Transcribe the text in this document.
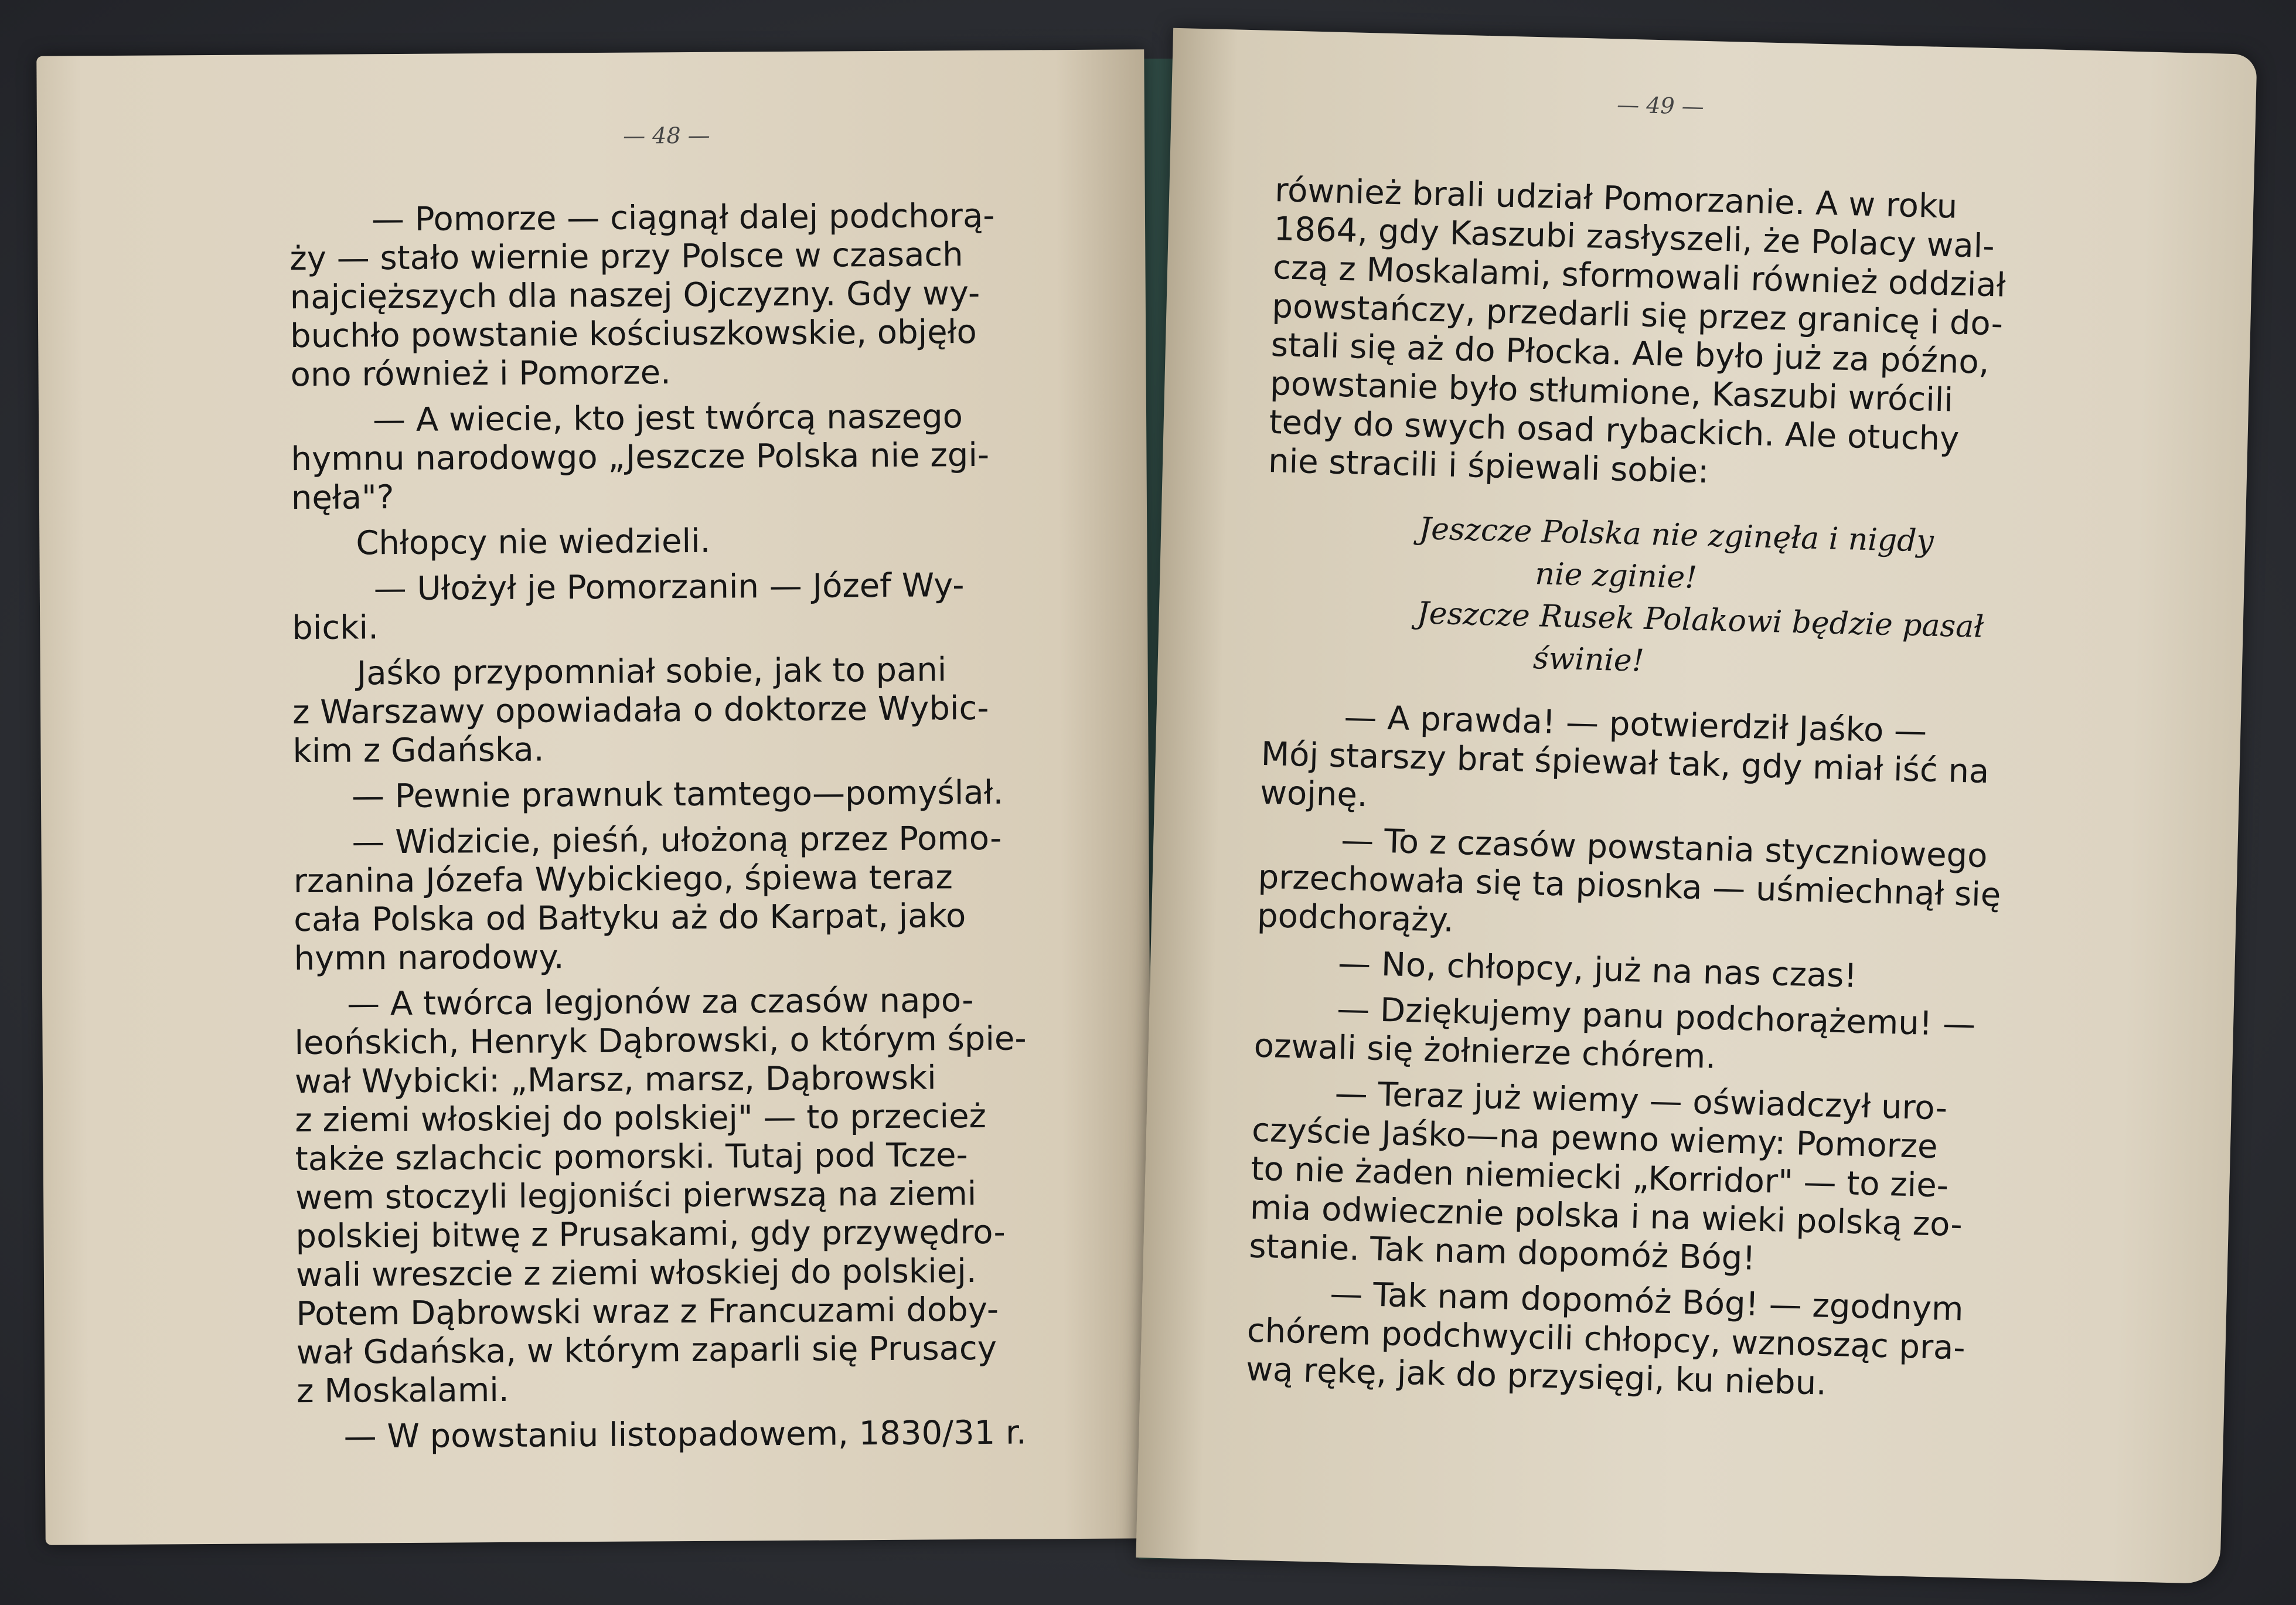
— 48 —

— Pomorze — ciągnął dalej podchorą-
ży — stało wiernie przy Polsce w czasach
najcięższych dla naszej Ojczyzny. Gdy wy-
buchło powstanie kościuszkowskie, objęło
ono również i Pomorze.

— A wiecie, kto jest twórcą naszego
hymnu narodowgo „Jeszcze Polska nie zgi-
nęła"?

Chłopcy nie wiedzieli.

— Ułożył je Pomorzanin — Józef Wy-
bicki.

Jaśko przypomniał sobie, jak to pani
z Warszawy opowiadała o doktorze Wybic-
kim z Gdańska.

— Pewnie prawnuk tamtego—pomyślał.

— Widzicie, pieśń, ułożoną przez Pomo-
rzanina Józefa Wybickiego, śpiewa teraz
cała Polska od Bałtyku aż do Karpat, jako
hymn narodowy.

— A twórca legjonów za czasów napo-
leońskich, Henryk Dąbrowski, o którym śpie-
wał Wybicki: „Marsz, marsz, Dąbrowski
z ziemi włoskiej do polskiej" — to przecież
także szlachcic pomorski. Tutaj pod Tcze-
wem stoczyli legjoniści pierwszą na ziemi
polskiej bitwę z Prusakami, gdy przywędro-
wali wreszcie z ziemi włoskiej do polskiej.
Potem Dąbrowski wraz z Francuzami doby-
wał Gdańska, w którym zaparli się Prusacy
z Moskalami.

— W powstaniu listopadowem, 1830/31 r.

— 49 —

również brali udział Pomorzanie. A w roku
1864, gdy Kaszubi zasłyszeli, że Polacy wal-
czą z Moskalami, sformowali również oddział
powstańczy, przedarli się przez granicę i do-
stali się aż do Płocka. Ale było już za późno,
powstanie było stłumione, Kaszubi wrócili
tedy do swych osad rybackich. Ale otuchy
nie stracili i śpiewali sobie:

Jeszcze Polska nie zginęła i nigdy
nie zginie!
Jeszcze Rusek Polakowi będzie pasał
świnie!

— A prawda! — potwierdził Jaśko —
Mój starszy brat śpiewał tak, gdy miał iść na
wojnę.

— To z czasów powstania styczniowego
przechowała się ta piosnka — uśmiechnął się
podchorąży.

— No, chłopcy, już na nas czas!

— Dziękujemy panu podchorążemu! —
ozwali się żołnierze chórem.

— Teraz już wiemy — oświadczył uro-
czyście Jaśko—na pewno wiemy: Pomorze
to nie żaden niemiecki „Korridor" — to zie-
mia odwiecznie polska i na wieki polską zo-
stanie. Tak nam dopomóż Bóg!

— Tak nam dopomóż Bóg! — zgodnym
chórem podchwycili chłopcy, wznosząc pra-
wą rękę, jak do przysięgi, ku niebu.
